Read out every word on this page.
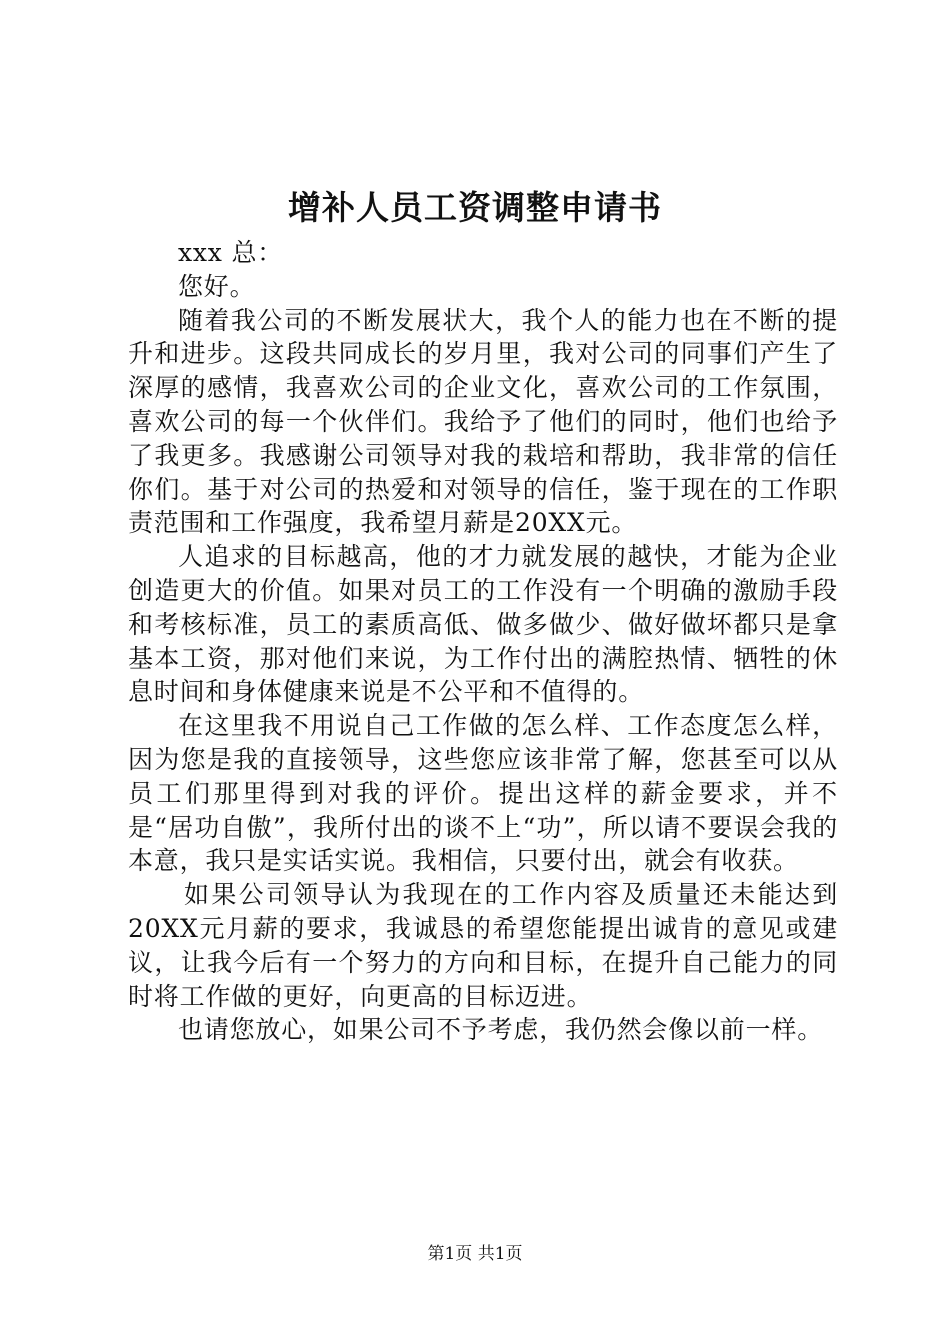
增补人员工资调整申请书

xxx 总：

您好。

随着我公司的不断发展状大，我个人的能力也在不断的提升和进步。这段共同成长的岁月里，我对公司的同事们产生了深厚的感情，我喜欢公司的企业文化，喜欢公司的工作氛围，喜欢公司的每一个伙伴们。我给予了他们的同时，他们也给予了我更多。我感谢公司领导对我的栽培和帮助，我非常的信任你们。基于对公司的热爱和对领导的信任，鉴于现在的工作职责范围和工作强度，我希望月薪是20XX元。

人追求的目标越高，他的才力就发展的越快，才能为企业创造更大的价值。如果对员工的工作没有一个明确的激励手段和考核标准，员工的素质高低、做多做少、做好做坏都只是拿基本工资，那对他们来说，为工作付出的满腔热情、牺牲的休息时间和身体健康来说是不公平和不值得的。

在这里我不用说自己工作做的怎么样、工作态度怎么样，因为您是我的直接领导，这些您应该非常了解，您甚至可以从员工们那里得到对我的评价。提出这样的薪金要求，并不是“居功自傲”，我所付出的谈不上“功”，所以请不要误会我的本意，我只是实话实说。我相信，只要付出，就会有收获。

如果公司领导认为我现在的工作内容及质量还未能达到20XX元月薪的要求，我诚恳的希望您能提出诚肯的意见或建议，让我今后有一个努力的方向和目标，在提升自己能力的同时将工作做的更好，向更高的目标迈进。

也请您放心，如果公司不予考虑，我仍然会像以前一样。

第1页 共1页
